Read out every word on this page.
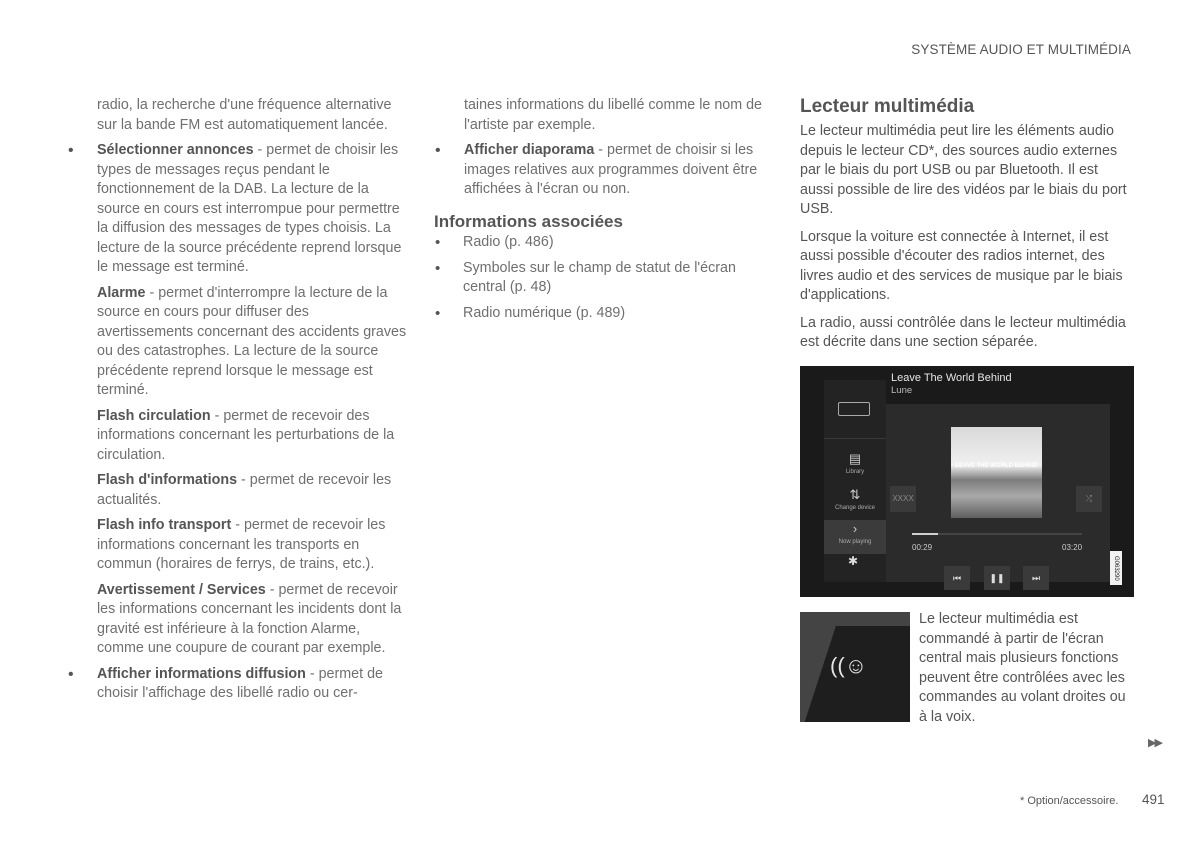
SYSTÈME AUDIO ET MULTIMÉDIA

radio, la recherche d'une fréquence alternative sur la bande FM est automatiquement lancée.

• Sélectionner annonces - permet de choisir les types de messages reçus pendant le fonctionnement de la DAB. La lecture de la source en cours est interrompue pour permettre la diffusion des messages de types choisis. La lecture de la source précédente reprend lorsque le message est terminé.

Alarme - permet d'interrompre la lecture de la source en cours pour diffuser des avertissements concernant des accidents graves ou des catastrophes. La lecture de la source précédente reprend lorsque le message est terminé.

Flash circulation - permet de recevoir des informations concernant les perturbations de la circulation.

Flash d'informations - permet de recevoir les actualités.

Flash info transport - permet de recevoir les informations concernant les transports en commun (horaires de ferrys, de trains, etc.).

Avertissement / Services - permet de recevoir les informations concernant les incidents dont la gravité est inférieure à la fonction Alarme, comme une coupure de courant par exemple.

• Afficher informations diffusion - permet de choisir l'affichage des libellé radio ou cer-

taines informations du libellé comme le nom de l'artiste par exemple.

• Afficher diaporama - permet de choisir si les images relatives aux programmes doivent être affichées à l'écran ou non.
Informations associées
• Radio (p. 486)
• Symboles sur le champ de statut de l'écran central (p. 48)
• Radio numérique (p. 489)
Lecteur multimédia

Le lecteur multimédia peut lire les éléments audio depuis le lecteur CD*, des sources audio externes par le biais du port USB ou par Bluetooth. Il est aussi possible de lire des vidéos par le biais du port USB.

Lorsque la voiture est connectée à Internet, il est aussi possible d'écouter des radios internet, des livres audio et des services de musique par le biais d'applications.

La radio, aussi contrôlée dans le lecteur multimédia est décrite dans une section séparée.

▤
Library
⇅
Change device
›
Now playing
Leave The World Behind
Lune
LEAVE THE WORLD BEHIND
XXXX	⤮
00:29	03:20
✱
⏮	❚❚	⏭	G063290
((☺
Le lecteur multimédia est commandé à partir de l'écran central mais plusieurs fonctions peuvent être contrôlées avec les commandes au volant droites ou à la voix.
▶▶
* Option/accessoire. 491
